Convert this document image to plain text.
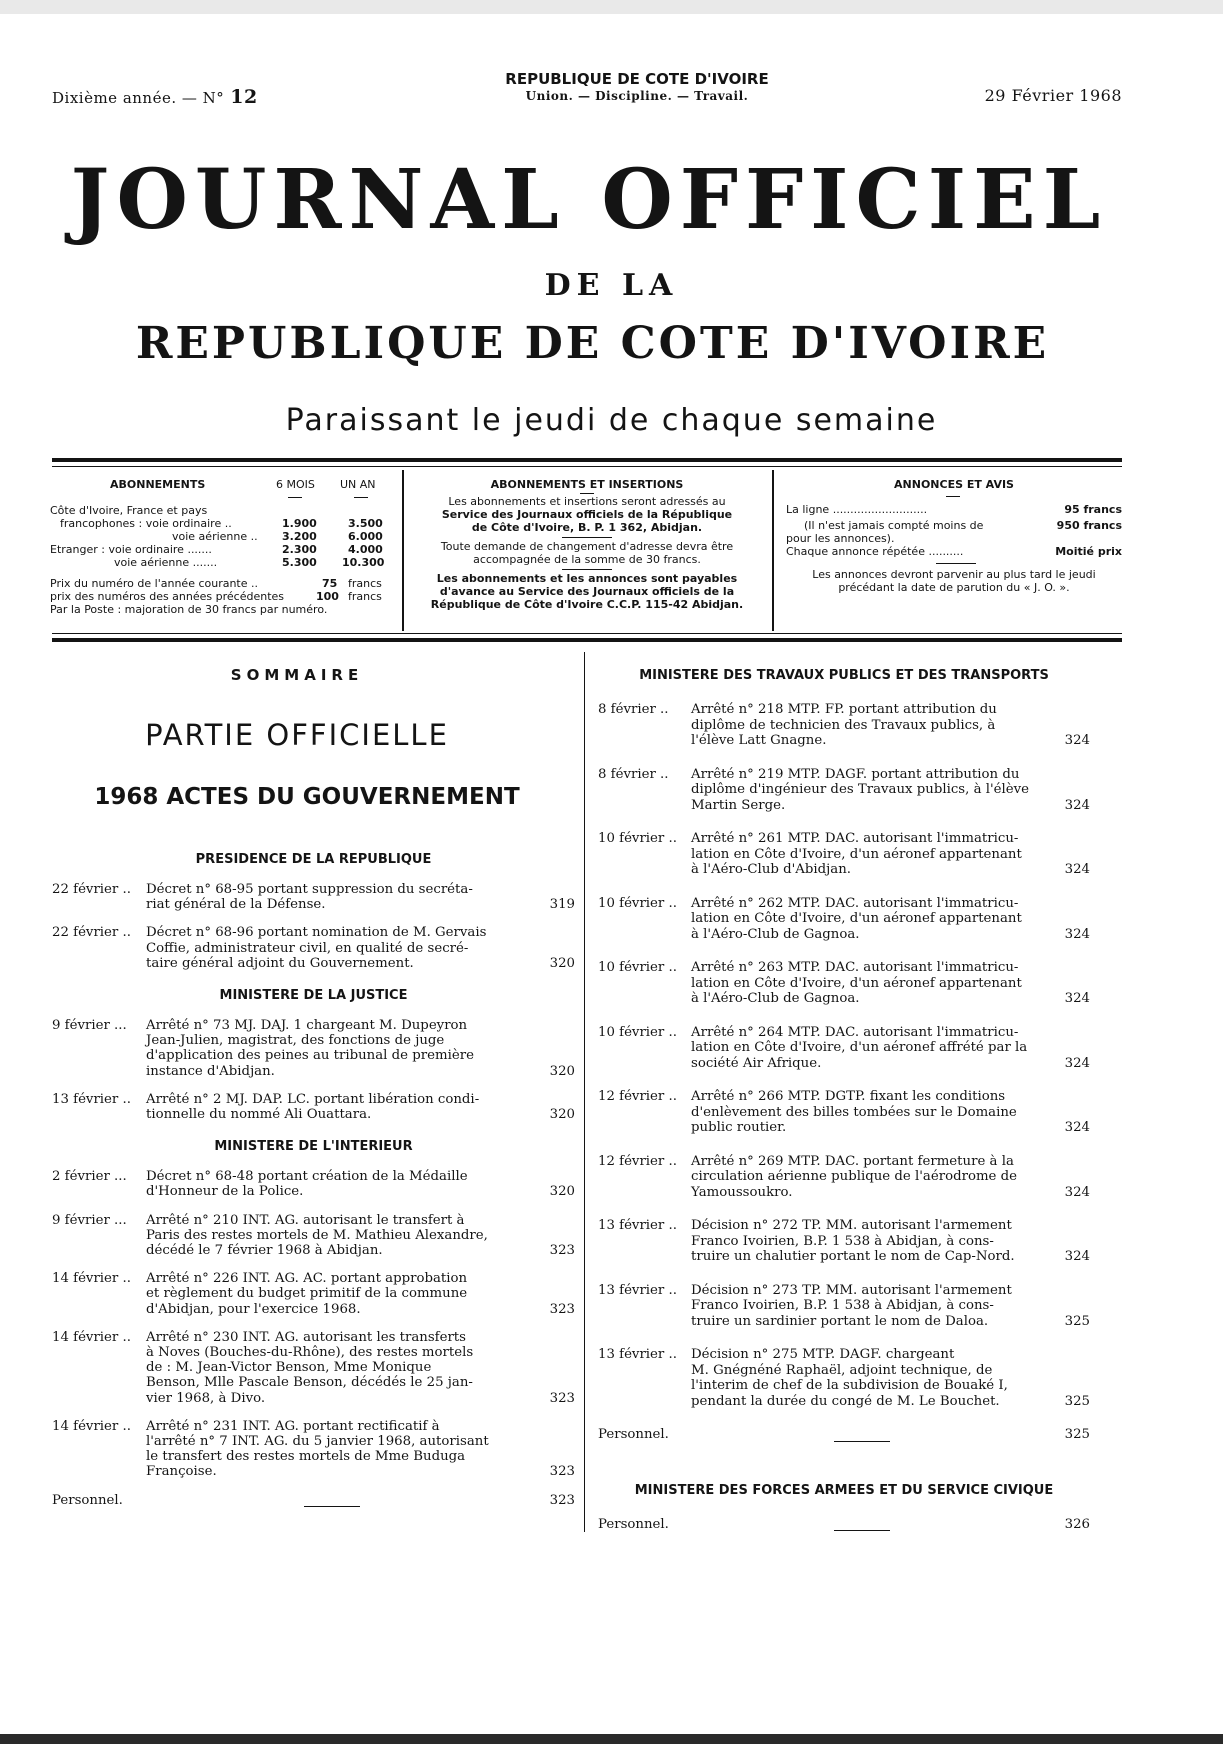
Dixième année. — N° 12
REPUBLIQUE DE COTE D'IVOIRE
Union. — Discipline. — Travail.	29 Février 1968
JOURNAL OFFICIEL
DE LA
REPUBLIQUE DE COTE D'IVOIRE
Paraissant le jeudi de chaque semaine
ABONNEMENTS	6 MOIS UN AN
Côte d'Ivoire, France et pays
francophones : voie ordinaire ..	1.900	3.500
voie aérienne .. 3.200	6.000
Etranger : voie ordinaire .......	2.300	4.000
voie aérienne .......	5.300 10.300
Prix du numéro de l'année courante ..	75 francs
prix des numéros des années précédentes	100 francs
Par la Poste : majoration de 30 francs par numéro.
ABONNEMENTS ET INSERTIONS
Les abonnements et insertions seront adressés au
Service des Journaux officiels de la République
de Côte d'Ivoire, B. P. 1 362, Abidjan.
Toute demande de changement d'adresse devra être
accompagnée de la somme de 30 francs.
Les abonnements et les annonces sont payables
d'avance au Service des Journaux officiels de la
République de Côte d'Ivoire C.C.P. 115-42 Abidjan.
ANNONCES ET AVIS
La ligne ...........................	95 francs
(Il n'est jamais compté moins de	950 francs
pour les annonces).
Chaque annonce répétée ..........	Moitié prix
Les annonces devront parvenir au plus tard le jeudi
précédant la date de parution du « J. O. ».
SOMMAIRE
PARTIE OFFICIELLE
1968 ACTES DU GOUVERNEMENT
PRESIDENCE DE LA REPUBLIQUE
22 février .. Décret n° 68-95 portant suppression du secréta-
riat général de la Défense.	319
22 février .. Décret n° 68-96 portant nomination de M. Gervais
Coffie, administrateur civil, en qualité de secré-
taire général adjoint du Gouvernement.	320
MINISTERE DE LA JUSTICE
9 février ... Arrêté n° 73 MJ. DAJ. 1 chargeant M. Dupeyron
Jean-Julien, magistrat, des fonctions de juge
d'application des peines au tribunal de première
instance d'Abidjan.	320
13 février .. Arrêté n° 2 MJ. DAP. LC. portant libération condi-
tionnelle du nommé Ali Ouattara.	320
MINISTERE DE L'INTERIEUR
2 février ... Décret n° 68-48 portant création de la Médaille
d'Honneur de la Police.	320
9 février ... Arrêté n° 210 INT. AG. autorisant le transfert à
Paris des restes mortels de M. Mathieu Alexandre,
décédé le 7 février 1968 à Abidjan.	323
14 février .. Arrêté n° 226 INT. AG. AC. portant approbation
et règlement du budget primitif de la commune
d'Abidjan, pour l'exercice 1968.	323
14 février .. Arrêté n° 230 INT. AG. autorisant les transferts
à Noves (Bouches-du-Rhône), des restes mortels
de : M. Jean-Victor Benson, Mme Monique
Benson, Mlle Pascale Benson, décédés le 25 jan-
vier 1968, à Divo.	323
14 février .. Arrêté n° 231 INT. AG. portant rectificatif à
l'arrêté n° 7 INT. AG. du 5 janvier 1968, autorisant
le transfert des restes mortels de Mme Buduga
Françoise.	323
Personnel.	323
MINISTERE DES TRAVAUX PUBLICS ET DES TRANSPORTS
8 février .. Arrêté n° 218 MTP. FP. portant attribution du
diplôme de technicien des Travaux publics, à
l'élève Latt Gnagne.	324
8 février .. Arrêté n° 219 MTP. DAGF. portant attribution du
diplôme d'ingénieur des Travaux publics, à l'élève
Martin Serge.	324
10 février .. Arrêté n° 261 MTP. DAC. autorisant l'immatricu-
lation en Côte d'Ivoire, d'un aéronef appartenant
à l'Aéro-Club d'Abidjan.	324
10 février .. Arrêté n° 262 MTP. DAC. autorisant l'immatricu-
lation en Côte d'Ivoire, d'un aéronef appartenant
à l'Aéro-Club de Gagnoa.	324
10 février .. Arrêté n° 263 MTP. DAC. autorisant l'immatricu-
lation en Côte d'Ivoire, d'un aéronef appartenant
à l'Aéro-Club de Gagnoa.	324
10 février .. Arrêté n° 264 MTP. DAC. autorisant l'immatricu-
lation en Côte d'Ivoire, d'un aéronef affrété par la
société Air Afrique.	324
12 février .. Arrêté n° 266 MTP. DGTP. fixant les conditions
d'enlèvement des billes tombées sur le Domaine
public routier.	324
12 février .. Arrêté n° 269 MTP. DAC. portant fermeture à la
circulation aérienne publique de l'aérodrome de
Yamoussoukro.	324
13 février .. Décision n° 272 TP. MM. autorisant l'armement
Franco Ivoirien, B.P. 1 538 à Abidjan, à cons-
truire un chalutier portant le nom de Cap-Nord.	324
13 février .. Décision n° 273 TP. MM. autorisant l'armement
Franco Ivoirien, B.P. 1 538 à Abidjan, à cons-
truire un sardinier portant le nom de Daloa.	325
13 février .. Décision n° 275 MTP. DAGF. chargeant
M. Gnégnéné Raphaël, adjoint technique, de
l'interim de chef de la subdivision de Bouaké I,
pendant la durée du congé de M. Le Bouchet.	325
Personnel.	325
MINISTERE DES FORCES ARMEES ET DU SERVICE CIVIQUE
Personnel.	326
